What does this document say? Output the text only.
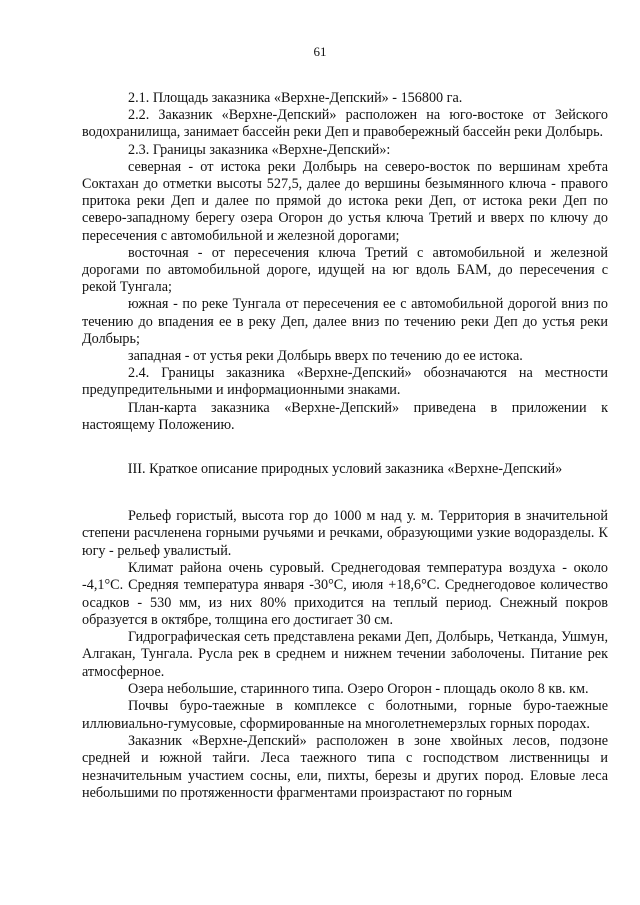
61

2.1. Площадь заказника «Верхне-Депский» - 156800 га.

2.2. Заказник «Верхне-Депский» расположен на юго-востоке от Зейского водохранилища, занимает бассейн реки Деп и правобережный бассейн реки Долбырь.

2.3. Границы заказника «Верхне-Депский»:

северная - от истока реки Долбырь на северо-восток по вершинам хребта Соктахан до отметки высоты 527,5, далее до вершины безымянного ключа - правого притока реки Деп и далее по прямой до истока реки Деп, от истока реки Деп по северо-западному берегу озера Огорон до устья ключа Третий и вверх по ключу до пересечения с автомобильной и железной дорогами;

восточная - от пересечения ключа Третий с автомобильной и железной дорогами по автомобильной дороге, идущей на юг вдоль БАМ, до пересечения с рекой Тунгала;

южная - по реке Тунгала от пересечения ее с автомобильной дорогой вниз по течению до впадения ее в реку Деп, далее вниз по течению реки Деп до устья реки Долбырь;

западная - от устья реки Долбырь вверх по течению до ее истока.

2.4. Границы заказника «Верхне-Депский» обозначаются на местности предупредительными и информационными знаками.

План-карта заказника «Верхне-Депский» приведена в приложении к настоящему Положению.

III. Краткое описание природных условий заказника «Верхне-Депский»

Рельеф гористый, высота гор до 1000 м над у. м. Территория в значительной степени расчленена горными ручьями и речками, образующими узкие водоразделы. К югу - рельеф увалистый.

Климат района очень суровый. Среднегодовая температура воздуха - около -4,1°С. Средняя температура января -30°С, июля +18,6°С. Среднегодовое количество осадков - 530 мм, из них 80% приходится на теплый период. Снежный покров образуется в октябре, толщина его достигает 30 см.

Гидрографическая сеть представлена реками Деп, Долбырь, Четканда, Ушмун, Алгакан, Тунгала. Русла рек в среднем и нижнем течении заболочены. Питание рек атмосферное.

Озера небольшие, старинного типа. Озеро Огорон - площадь около 8 кв. км.

Почвы буро-таежные в комплексе с болотными, горные буро-таежные иллювиально-гумусовые, сформированные на многолетнемерзлых горных породах.

Заказник «Верхне-Депский» расположен в зоне хвойных лесов, подзоне средней и южной тайги. Леса таежного типа с господством лиственницы и незначительным участием сосны, ели, пихты, березы и других пород. Еловые леса небольшими по протяженности фрагментами произрастают по горным
